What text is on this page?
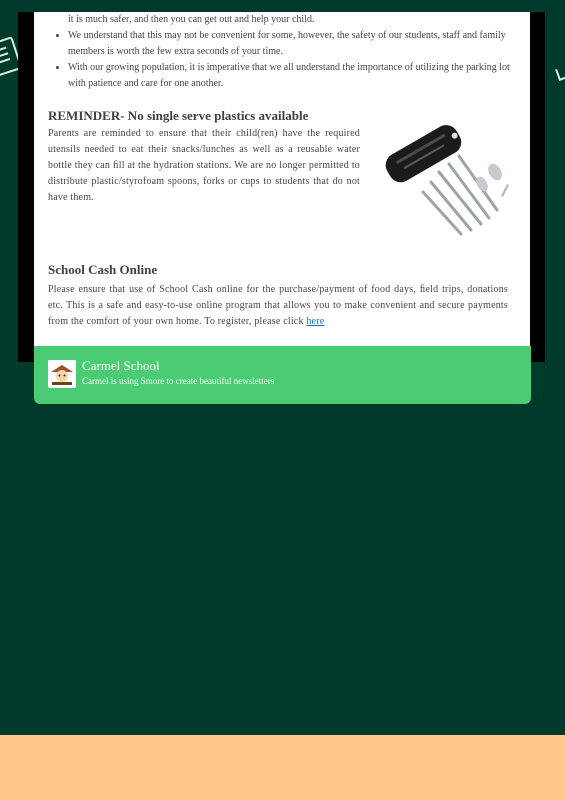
it is much safer, and then you can get out and help your child.
• We understand that this may not be convenient for some, however, the safety of our students, staff and family members is worth the few extra seconds of your time.
• With our growing population, it is imperative that we all understand the importance of utilizing the parking lot with patience and care for one another.
REMINDER- No single serve plastics available
Parents are reminded to ensure that their child(ren) have the required utensils needed to eat their snacks/lunches as well as a reusable water bottle they can ﬁll at the hydration stations. We are no longer permitted to distribute plastic/styrofoam spoons, forks or cups to students that do not have them.
School Cash Online
Please ensure that use of School Cash online for the purchase/payment of food days, ﬁeld trips, donations etc. This is a safe and easy-to-use online program that allows you to make convenient and secure payments from the comfort of your own home. To register, please click here
Carmel School
Carmel is using Smore to create beautiful newsletters
